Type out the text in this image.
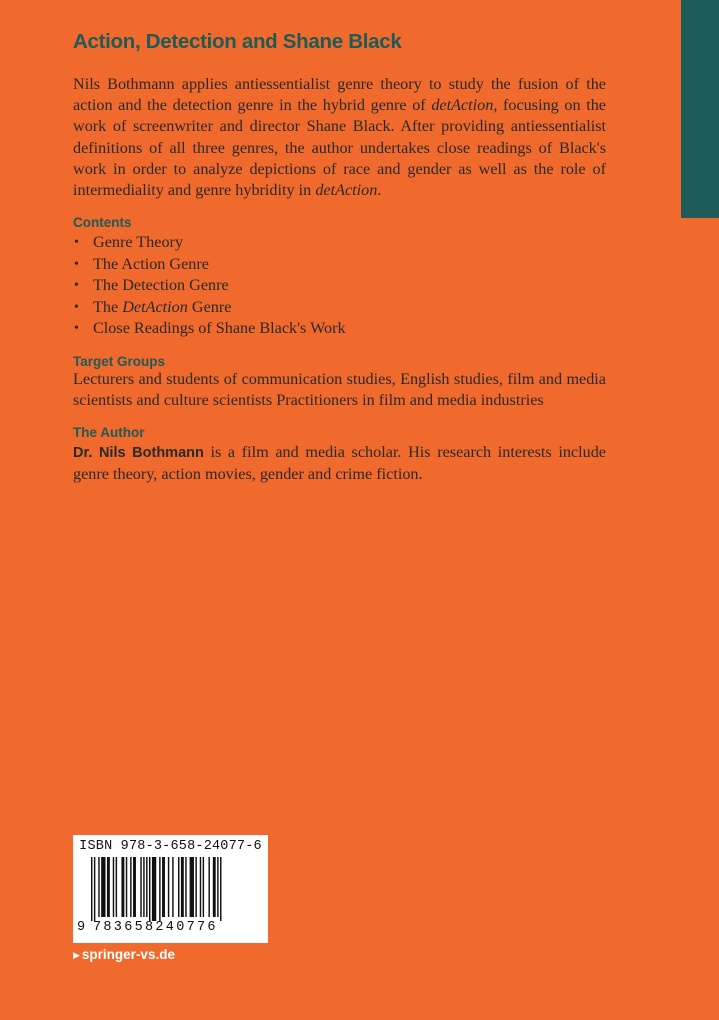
Action, Detection and Shane Black

Nils Bothmann applies antiessentialist genre theory to study the fusion of the action and the detection genre in the hybrid genre of detAction, focusing on the work of screenwriter and director Shane Black. After providing antiessentialist definitions of all three genres, the author undertakes close readings of Black's work in order to analyze depictions of race and gender as well as the role of intermediality and genre hybridity in detAction.

Contents
• Genre Theory
• The Action Genre
• The Detection Genre
• The DetAction Genre
• Close Readings of Shane Black's Work
Target Groups

Lecturers and students of communication studies, English studies, film and media scientists and culture scientists Practitioners in film and media industries

The Author

Dr. Nils Bothmann is a film and media scholar. His research interests include genre theory, action movies, gender and crime fiction.

ISBN 978-3-658-24077-6
9 783658240776
▶ springer-vs.de
